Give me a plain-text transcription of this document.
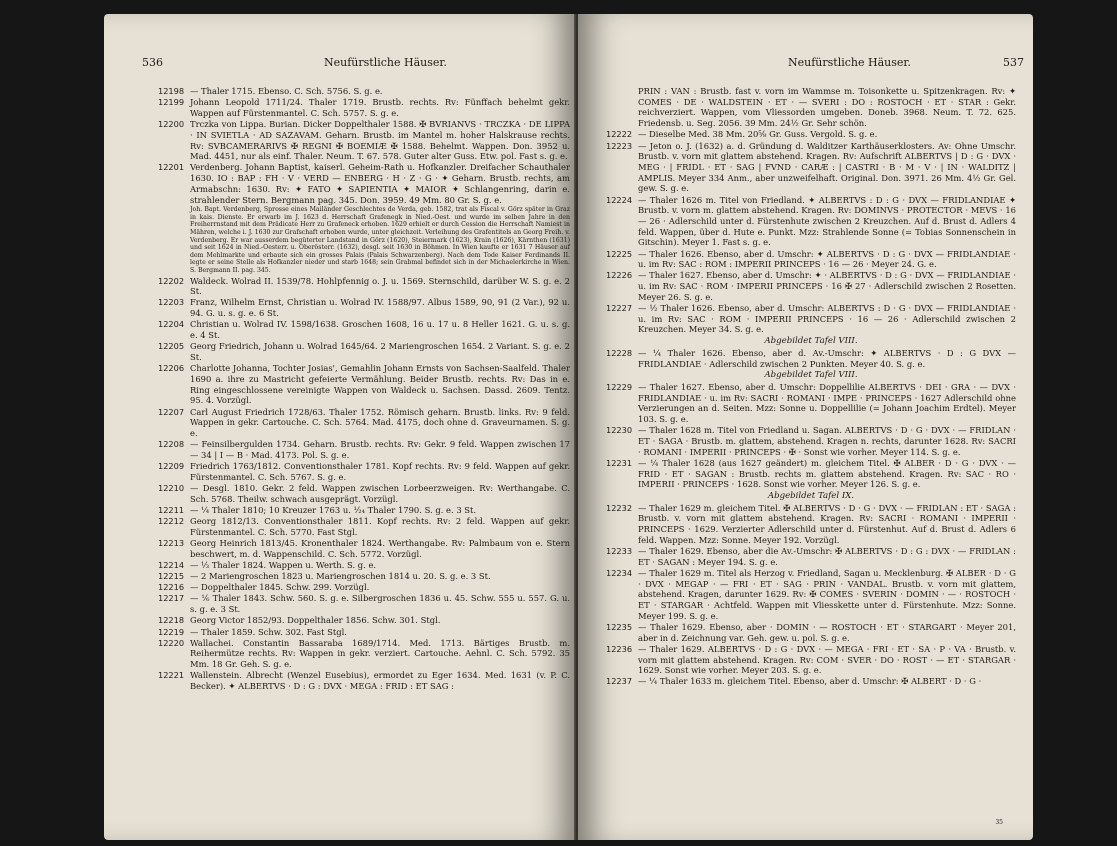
536	Neufürstliche Häuser.
12198 — Thaler 1715. Ebenso. C. Sch. 5756. S. g. e.
12199 Johann Leopold 1711/24. Thaler 1719. Brustb. rechts. Rv: Fünffach behelmt gekr. Wappen auf Fürstenmantel. C. Sch. 5757. S. g. e.
12200 Trczka von Lippa. Burian. Dicker Doppelthaler 1588. ✠ BVRIANVS · TRCZKA · DE LIPPA · IN SVIETLA · AD SAZAVAM. Geharn. Brustb. im Mantel m. hoher Halskrause rechts. Rv: SVBCAMERARIVS ✠ REGNI ✠ BOEMIÆ ✠ 1588. Behelmt. Wappen. Don. 3952 u. Mad. 4451, nur als einf. Thaler. Neum. T. 67. 578. Guter alter Guss. Etw. pol. Fast s. g. e.
12201 Verdenberg. Johann Baptist, kaiserl. Geheim-Rath u. Hofkanzler. Dreifacher Schauthaler 1630. IO : BAP : FH · V · VERD — ENBERG · H · Z · G · ✦ Geharn. Brustb. rechts, am Armabschn: 1630. Rv: ✦ FATO ✦ SAPIENTIA ✦ MAIOR ✦ Schlangenring, darin e. strahlender Stern. Bergmann pag. 345. Don. 3959. 49 Mm. 80 Gr. S. g. e.
Joh. Bapt. Verdenberg, Sprosse eines Mailänder Geschlechtes de Verda, geb. 1582, trat als Fiscal v. Görz später in Graz in kais. Dienste. Er erwarb im J. 1623 d. Herrschaft Grafenegk in Nied.-Oest. und wurde im selben Jahre in den Freiherrnstand mit dem Prädicate Herr zu Grafeneck erhoben. 1629 erhielt er durch Cession die Herrschaft Namiest in Mähren, welche i. J. 1630 zur Grafschaft erhoben wurde, unter gleichzeit. Verleihung des Grafentitels an Georg Freih. v. Verdenberg. Er war ausserdem begüterter Landstand in Görz (1620), Steiermark (1623), Krain (1626), Kärnthen (1631) und seit 1624 in Nied.-Oesterr. u. Oberösterr. (1632), desgl. seit 1630 in Böhmen. In Wien kaufte er 1631 7 Häuser auf dem Mehlmarkte und erbaute sich ein grosses Palais (Palais Schwarzenberg). Nach dem Tode Kaiser Ferdinands II. legte er seine Stelle als Hofkanzler nieder und starb 1648; sein Grabmal befindet sich in der Michaelerkirche in Wien. S. Bergmann II. pag. 345.
12202 Waldeck. Wolrad II. 1539/78. Hohlpfennig o. J. u. 1569. Sternschild, darüber W. S. g. e. 2 St.
12203 Franz, Wilhelm Ernst, Christian u. Wolrad IV. 1588/97. Albus 1589, 90, 91 (2 Var.), 92 u. 94. G. u. s. g. e. 6 St.
12204 Christian u. Wolrad IV. 1598/1638. Groschen 1608, 16 u. 17 u. 8 Heller 1621. G. u. s. g. e. 4 St.
12205 Georg Friedrich, Johann u. Wolrad 1645/64. 2 Mariengroschen 1654. 2 Variant. S. g. e. 2 St.
12206 Charlotte Johanna, Tochter Josias', Gemahlin Johann Ernsts von Sachsen-Saalfeld. Thaler 1690 a. ihre zu Mastricht gefeierte Vermählung. Beider Brustb. rechts. Rv: Das in e. Ring eingeschlossene vereinigte Wappen von Waldeck u. Sachsen. Dassd. 2609. Tentz. 95. 4. Vorzügl.
12207 Carl August Friedrich 1728/63. Thaler 1752. Römisch geharn. Brustb. links. Rv: 9 feld. Wappen in gekr. Cartouche. C. Sch. 5764. Mad. 4175, doch ohne d. Graveurnamen. S. g. e.
12208 — Feinsilbergulden 1734. Geharn. Brustb. rechts. Rv: Gekr. 9 feld. Wappen zwischen 17 — 34 | I — B · Mad. 4173. Pol. S. g. e.
12209 Friedrich 1763/1812. Conventionsthaler 1781. Kopf rechts. Rv: 9 feld. Wappen auf gekr. Fürstenmantel. C. Sch. 5767. S. g. e.
12210 — Desgl. 1810. Gekr. 2 feld. Wappen zwischen Lorbeerzweigen. Rv: Werthangabe. C. Sch. 5768. Theilw. schwach ausgeprägt. Vorzügl.
12211 — ¼ Thaler 1810; 10 Kreuzer 1763 u. ¹⁄₂₄ Thaler 1790. S. g. e. 3 St.
12212 Georg 1812/13. Conventionsthaler 1811. Kopf rechts. Rv: 2 feld. Wappen auf gekr. Fürstenmantel. C. Sch. 5770. Fast Stgl.
12213 Georg Heinrich 1813/45. Kronenthaler 1824. Werthangabe. Rv: Palmbaum von e. Stern beschwert, m. d. Wappenschild. C. Sch. 5772. Vorzügl.
12214 — ⅓ Thaler 1824. Wappen u. Werth. S. g. e.
12215 — 2 Mariengroschen 1823 u. Mariengroschen 1814 u. 20. S. g. e. 3 St.
12216 — Doppelthaler 1845. Schw. 299. Vorzügl.
12217 — ⅙ Thaler 1843. Schw. 560. S. g. e. Silbergroschen 1836 u. 45. Schw. 555 u. 557. G. u. s. g. e. 3 St.
12218 Georg Victor 1852/93. Doppelthaler 1856. Schw. 301. Stgl.
12219 — Thaler 1859. Schw. 302. Fast Stgl.
12220 Wallachei. Constantin Bassaraba 1689/1714. Med. 1713. Bärtiges Brustb. m. Reihermütze rechts. Rv: Wappen in gekr. verziert. Cartouche. Aehnl. C. Sch. 5792. 35 Mm. 18 Gr. Geh. S. g. e.
12221 Wallenstein. Albrecht (Wenzel Eusebius), ermordet zu Eger 1634. Med. 1631 (v. P. C. Becker). ✦ ALBERTVS · D : G : DVX · MEGA : FRID : ET SAG :
Neufürstliche Häuser.	537
PRIN : VAN : Brustb. fast v. vorn im Wammse m. Toisonkette u. Spitzenkragen. Rv: ✦ COMES · DE · WALDSTEIN · ET · — SVERI : DO : ROSTOCH · ET · STAR : Gekr. reichverziert. Wappen, vom Vliessorden umgeben. Doneb. 3968. Neum. T. 72. 625. Friedensb. u. Seg. 2056. 39 Mm. 24½ Gr. Sehr schön.
12222 — Dieselbe Med. 38 Mm. 20⅝ Gr. Guss. Vergold. S. g. e.
12223 — Jeton o. J. (1632) a. d. Gründung d. Walditzer Karthäuserklosters. Av: Ohne Umschr. Brustb. v. vorn mit glattem abstehend. Kragen. Rv: Aufschrift ALBERTVS | D : G · DVX · MEG · | FRIDL · ET · SAG | FVND · CARÆ : | CASTRI · B · M · V · | IN · WALDITZ | AMPLIS. Meyer 334 Anm., aber unzweifelhaft. Original. Don. 3971. 26 Mm. 4½ Gr. Gel. gew. S. g. e.
12224 — Thaler 1626 m. Titel von Friedland. ✦ ALBERTVS : D : G · DVX — FRIDLANDIAE ✦ Brustb. v. vorn m. glattem abstehend. Kragen. Rv: DOMINVS · PROTECTOR · MEVS · 16 — 26 · Adlerschild unter d. Fürstenhute zwischen 2 Kreuzchen. Auf d. Brust d. Adlers 4 feld. Wappen, über d. Hute e. Punkt. Mzz: Strahlende Sonne (= Tobias Sonnenschein in Gitschin). Meyer 1. Fast s. g. e.
12225 — Thaler 1626. Ebenso, aber d. Umschr: ✦ ALBERTVS · D : G · DVX — FRIDLANDIAE · u. im Rv: SAC : ROM : IMPERII PRINCEPS · 16 — 26 · Meyer 24. G. e.
12226 — Thaler 1627. Ebenso, aber d. Umschr: ✦ · ALBERTVS · D : G · DVX — FRIDLANDIAE · u. im Rv: SAC · ROM · IMPERII PRINCEPS · 16 ✠ 27 · Adlerschild zwischen 2 Rosetten. Meyer 26. S. g. e.
12227 — ½ Thaler 1626. Ebenso, aber d. Umschr: ALBERTVS : D · G · DVX — FRIDLANDIAE · u. im Rv: SAC · ROM · IMPERII PRINCEPS · 16 — 26 · Adlerschild zwischen 2 Kreuzchen. Meyer 34. S. g. e.
Abgebildet Tafel VIII.
12228 — ¼ Thaler 1626. Ebenso, aber d. Av.-Umschr: ✦ ALBERTVS · D : G DVX — FRIDLANDIAE · Adlerschild zwischen 2 Punkten. Meyer 40. S. g. e.
Abgebildet Tafel VIII.
12229 — Thaler 1627. Ebenso, aber d. Umschr: Doppellilie ALBERTVS · DEI · GRA · — DVX · FRIDLANDIAE · u. im Rv: SACRI · ROMANI · IMPE · PRINCEPS · 1627 Adlerschild ohne Verzierungen an d. Seiten. Mzz: Sonne u. Doppellilie (= Johann Joachim Erdtel). Meyer 103. S. g. e.
12230 — Thaler 1628 m. Titel von Friedland u. Sagan. ALBERTVS · D · G · DVX · — FRIDLAN · ET · SAGA · Brustb. m. glattem, abstehend. Kragen n. rechts, darunter 1628. Rv: SACRI · ROMANI · IMPERII · PRINCEPS · ✠ · Sonst wie vorher. Meyer 114. S. g. e.
12231 — ¼ Thaler 1628 (aus 1627 geändert) m. gleichem Titel. ✠ ALBER · D · G · DVX · — FRID · ET · SAGAN : Brustb. rechts m. glattem abstehend. Kragen. Rv: SAC · RO · IMPERII · PRINCEPS · 1628. Sonst wie vorher. Meyer 126. S. g. e.
Abgebildet Tafel IX.
12232 — Thaler 1629 m. gleichem Titel. ✠ ALBERTVS · D · G · DVX · — FRIDLAN : ET · SAGA : Brustb. v. vorn mit glattem abstehend. Kragen. Rv: SACRI · ROMANI · IMPERII · PRINCEPS · 1629. Verzierter Adlerschild unter d. Fürstenhut. Auf d. Brust d. Adlers 6 feld. Wappen. Mzz: Sonne. Meyer 192. Vorzügl.
12233 — Thaler 1629. Ebenso, aber die Av.-Umschr: ✠ ALBERTVS · D : G : DVX · — FRIDLAN : ET · SAGAN : Meyer 194. S. g. e.
12234 — Thaler 1629 m. Titel als Herzog v. Friedland, Sagan u. Mecklenburg. ✠ ALBER · D · G · DVX · MEGAP · — FRI · ET · SAG · PRIN · VANDAL. Brustb. v. vorn mit glattem, abstehend. Kragen, darunter 1629. Rv: ✠ COMES · SVERIN · DOMIN · — · ROSTOCH · ET · STARGAR · Achtfeld. Wappen mit Vliesskette unter d. Fürstenhute. Mzz: Sonne. Meyer 199. S. g. e.
12235 — Thaler 1629. Ebenso, aber · DOMIN · — ROSTOCH · ET · STARGART · Meyer 201, aber in d. Zeichnung var. Geh. gew. u. pol. S. g. e.
12236 — Thaler 1629. ALBERTVS · D : G · DVX · — MEGA · FRI · ET · SA · P · VA · Brustb. v. vorn mit glattem abstehend. Kragen. Rv: COM · SVER · DO · ROST · — ET · STARGAR · 1629. Sonst wie vorher. Meyer 203. S. g. e.
12237 — ¼ Thaler 1633 m. gleichem Titel. Ebenso, aber d. Umschr: ✠ ALBERT · D · G ·
35
